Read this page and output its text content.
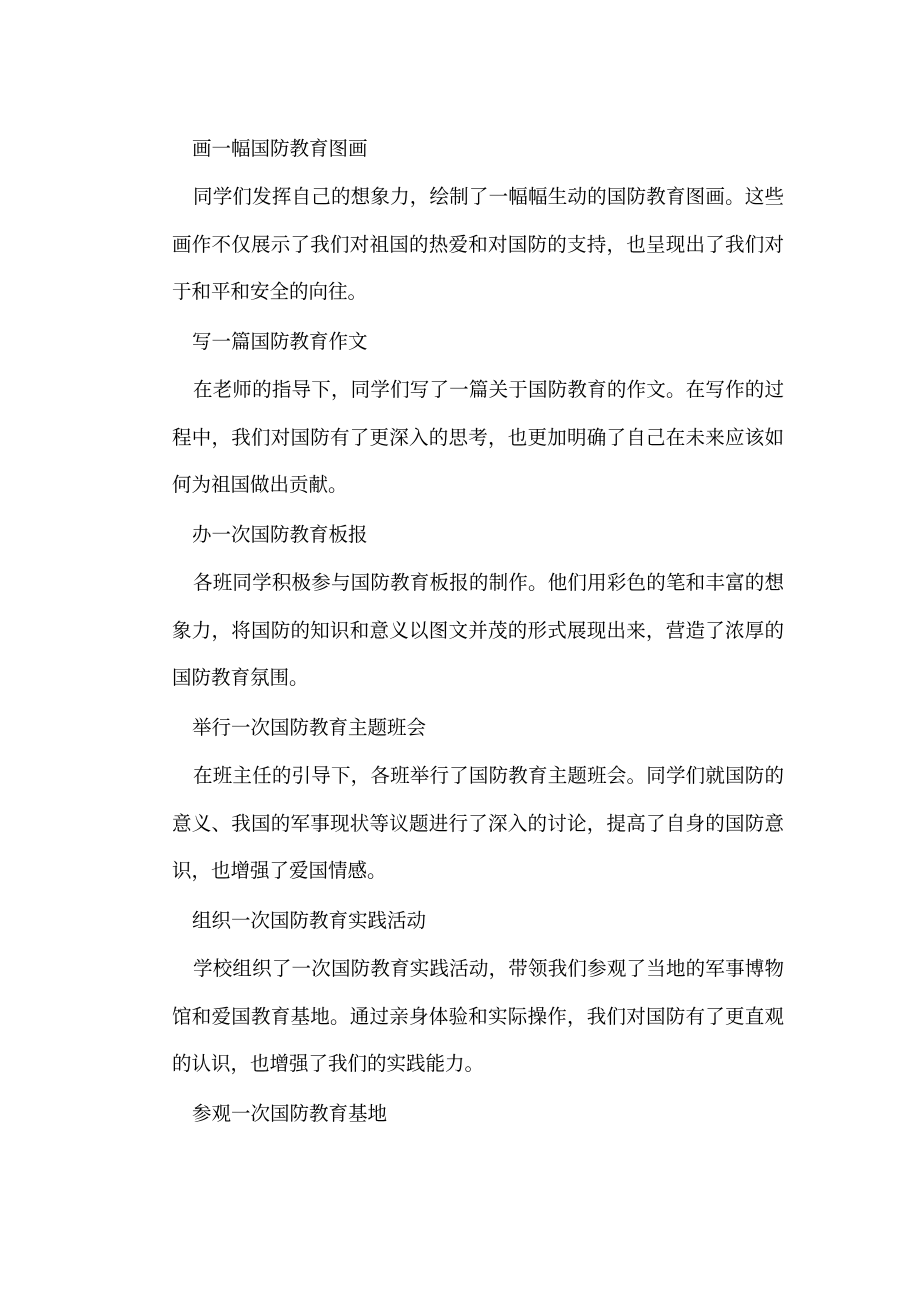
画一幅国防教育图画

同学们发挥自己的想象力，绘制了一幅幅生动的国防教育图画。这些画作不仅展示了我们对祖国的热爱和对国防的支持，也呈现出了我们对于和平和安全的向往。

写一篇国防教育作文

在老师的指导下，同学们写了一篇关于国防教育的作文。在写作的过程中，我们对国防有了更深入的思考，也更加明确了自己在未来应该如何为祖国做出贡献。

办一次国防教育板报

各班同学积极参与国防教育板报的制作。他们用彩色的笔和丰富的想象力，将国防的知识和意义以图文并茂的形式展现出来，营造了浓厚的国防教育氛围。

举行一次国防教育主题班会

在班主任的引导下，各班举行了国防教育主题班会。同学们就国防的意义、我国的军事现状等议题进行了深入的讨论，提高了自身的国防意识，也增强了爱国情感。

组织一次国防教育实践活动

学校组织了一次国防教育实践活动，带领我们参观了当地的军事博物馆和爱国教育基地。通过亲身体验和实际操作，我们对国防有了更直观的认识，也增强了我们的实践能力。

参观一次国防教育基地
